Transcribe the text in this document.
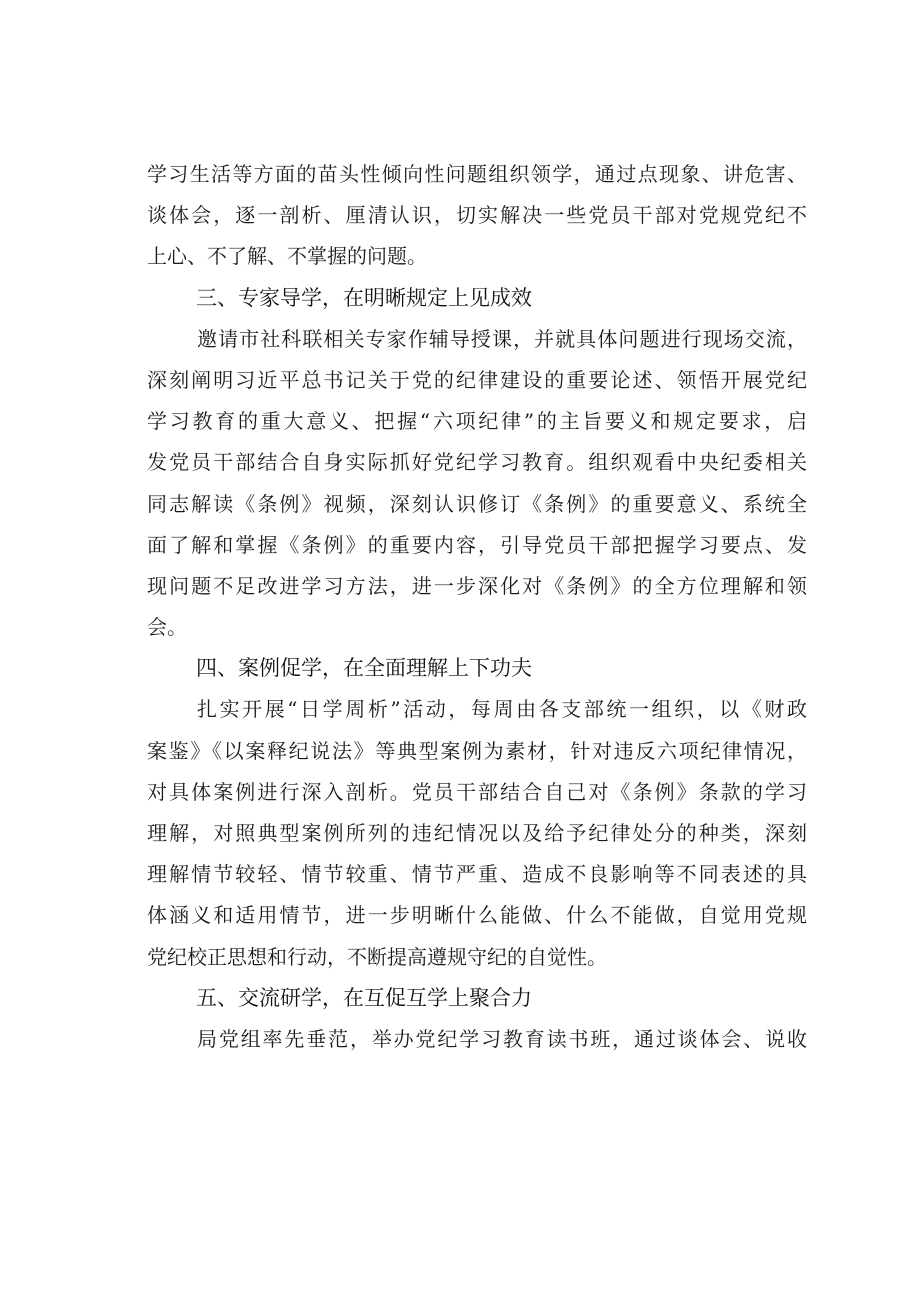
学习生活等方面的苗头性倾向性问题组织领学，通过点现象、讲危害、
谈体会，逐一剖析、厘清认识，切实解决一些党员干部对党规党纪不
上心、不了解、不掌握的问题。
三、专家导学，在明晰规定上见成效
邀请市社科联相关专家作辅导授课，并就具体问题进行现场交流，
深刻阐明习近平总书记关于党的纪律建设的重要论述、领悟开展党纪
学习教育的重大意义、把握“六项纪律”的主旨要义和规定要求，启
发党员干部结合自身实际抓好党纪学习教育。组织观看中央纪委相关
同志解读《条例》视频，深刻认识修订《条例》的重要意义、系统全
面了解和掌握《条例》的重要内容，引导党员干部把握学习要点、发
现问题不足改进学习方法，进一步深化对《条例》的全方位理解和领
会。
四、案例促学，在全面理解上下功夫
扎实开展“日学周析”活动，每周由各支部统一组织，以《财政
案鉴》《以案释纪说法》等典型案例为素材，针对违反六项纪律情况，
对具体案例进行深入剖析。党员干部结合自己对《条例》条款的学习
理解，对照典型案例所列的违纪情况以及给予纪律处分的种类，深刻
理解情节较轻、情节较重、情节严重、造成不良影响等不同表述的具
体涵义和适用情节，进一步明晰什么能做、什么不能做，自觉用党规
党纪校正思想和行动，不断提高遵规守纪的自觉性。
五、交流研学，在互促互学上聚合力
局党组率先垂范，举办党纪学习教育读书班，通过谈体会、说收
